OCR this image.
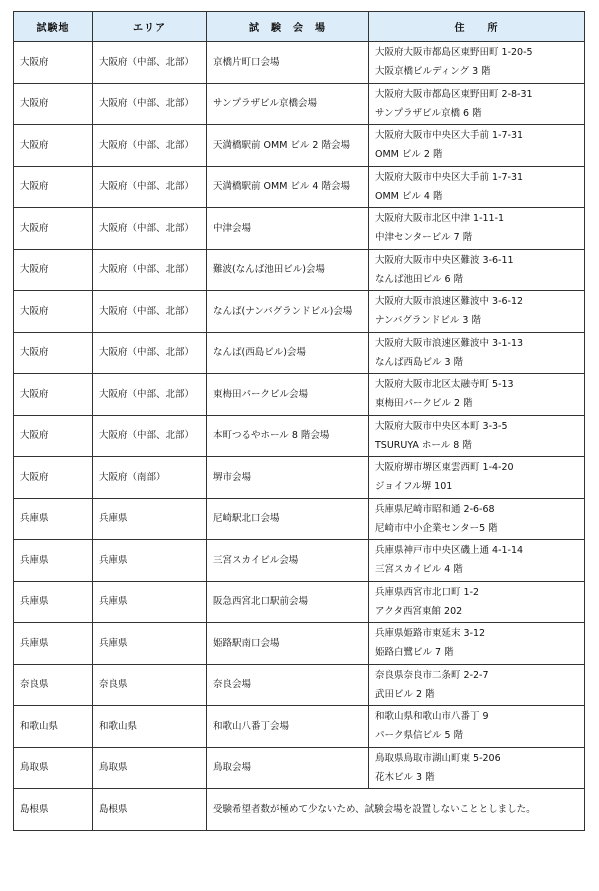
試験地	エリア	試　験　会　場	住　　所
大阪府	大阪府（中部、北部）	京橋片町口会場	大阪府大阪市都島区東野田町 1-20-5
大阪京橋ビルディング 3 階

大阪府	大阪府（中部、北部）	サンプラザビル京橋会場	大阪府大阪市都島区東野田町 2-8-31
サンプラザビル京橋 6 階

大阪府	大阪府（中部、北部）	天満橋駅前 OMM ビル 2 階会場	大阪府大阪市中央区大手前 1-7-31
OMM ビル 2 階

大阪府	大阪府（中部、北部）	天満橋駅前 OMM ビル 4 階会場	大阪府大阪市中央区大手前 1-7-31
OMM ビル 4 階

大阪府	大阪府（中部、北部）	中津会場	大阪府大阪市北区中津 1-11-1
中津センタービル 7 階

大阪府	大阪府（中部、北部）	難波(なんば池田ビル)会場	大阪府大阪市中央区難波 3-6-11
なんば池田ビル 6 階

大阪府	大阪府（中部、北部）	なんば(ナンバグランドビル)会場	大阪府大阪市浪速区難波中 3-6-12
ナンバグランドビル 3 階

大阪府	大阪府（中部、北部）	なんば(西島ビル)会場	大阪府大阪市浪速区難波中 3-1-13
なんば西島ビル 3 階

大阪府	大阪府（中部、北部）	東梅田パークビル会場	大阪府大阪市北区太融寺町 5-13
東梅田パークビル 2 階

大阪府	大阪府（中部、北部）	本町つるやホール 8 階会場	大阪府大阪市中央区本町 3-3-5
TSURUYA ホール 8 階

大阪府	大阪府（南部）	堺市会場	大阪府堺市堺区東雲西町 1-4-20
ジョイフル堺 101

兵庫県	兵庫県	尼崎駅北口会場	兵庫県尼崎市昭和通 2-6-68
尼崎市中小企業センター5 階

兵庫県	兵庫県	三宮スカイビル会場	兵庫県神戸市中央区磯上通 4-1-14
三宮スカイビル 4 階

兵庫県	兵庫県	阪急西宮北口駅前会場	兵庫県西宮市北口町 1-2
アクタ西宮東館 202

兵庫県	兵庫県	姫路駅南口会場	兵庫県姫路市東延末 3-12
姫路白鷺ビル 7 階

奈良県	奈良県	奈良会場	奈良県奈良市二条町 2-2-7
武田ビル 2 階

和歌山県	和歌山県	和歌山八番丁会場	和歌山県和歌山市八番丁 9
パーク県信ビル 5 階

鳥取県	鳥取県	鳥取会場	鳥取県鳥取市湖山町東 5-206
花木ビル 3 階

島根県	島根県	受験希望者数が極めて少ないため、試験会場を設置しないこととしました。	
